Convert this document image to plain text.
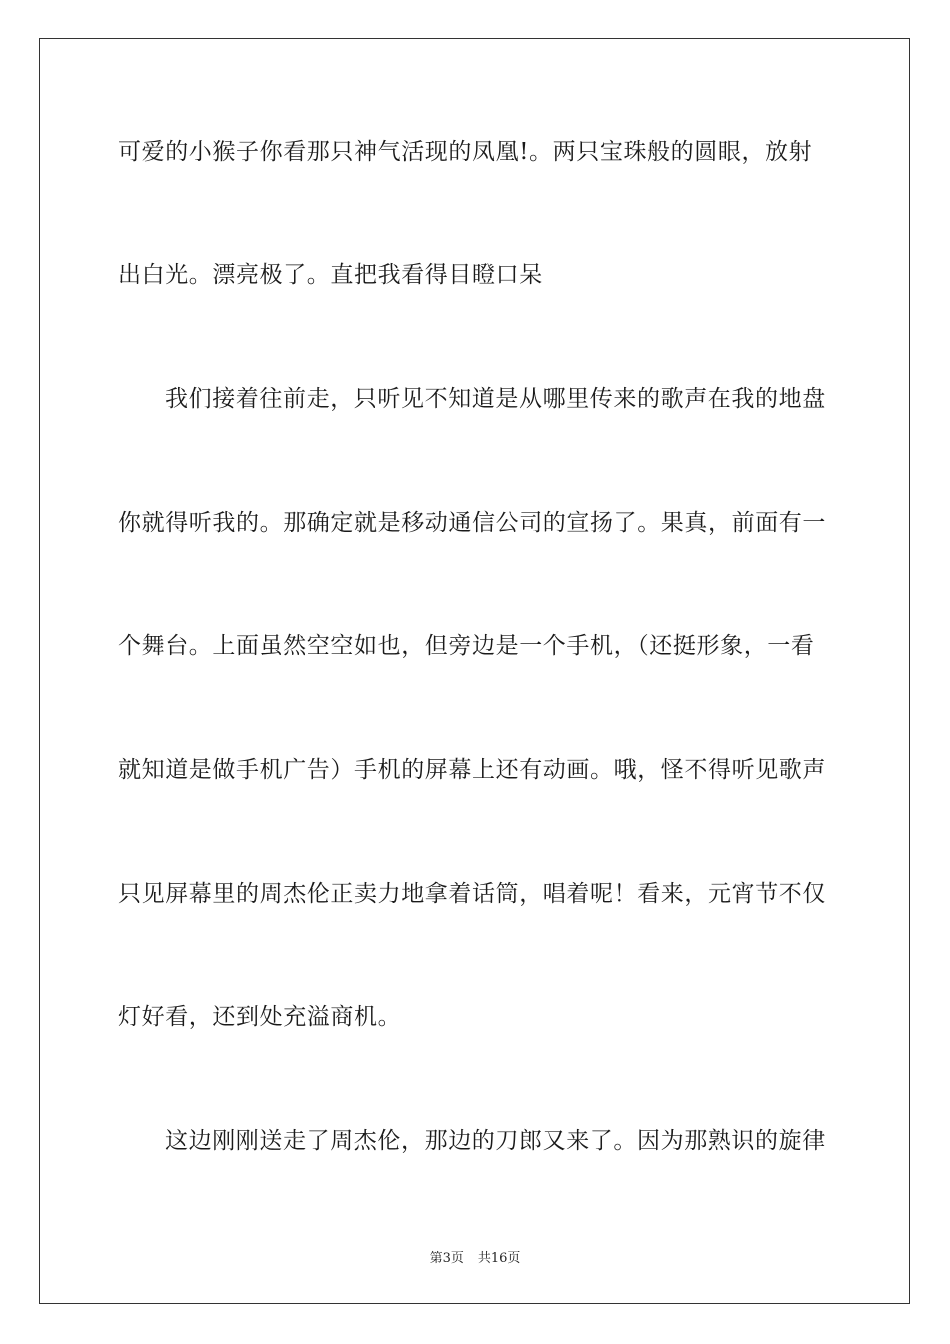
可爱的小猴子你看那只神气活现的凤凰!。两只宝珠般的圆眼，放射
出白光。漂亮极了。直把我看得目瞪口呆
我们接着往前走，只听见不知道是从哪里传来的歌声在我的地盘
你就得听我的。那确定就是移动通信公司的宣扬了。果真，前面有一
个舞台。上面虽然空空如也，但旁边是一个手机，（还挺形象，一看
就知道是做手机广告）手机的屏幕上还有动画。哦，怪不得听见歌声
只见屏幕里的周杰伦正卖力地拿着话筒，唱着呢！看来，元宵节不仅
灯好看，还到处充溢商机。
这边刚刚送走了周杰伦，那边的刀郎又来了。因为那熟识的旋律
第3页 共16页
